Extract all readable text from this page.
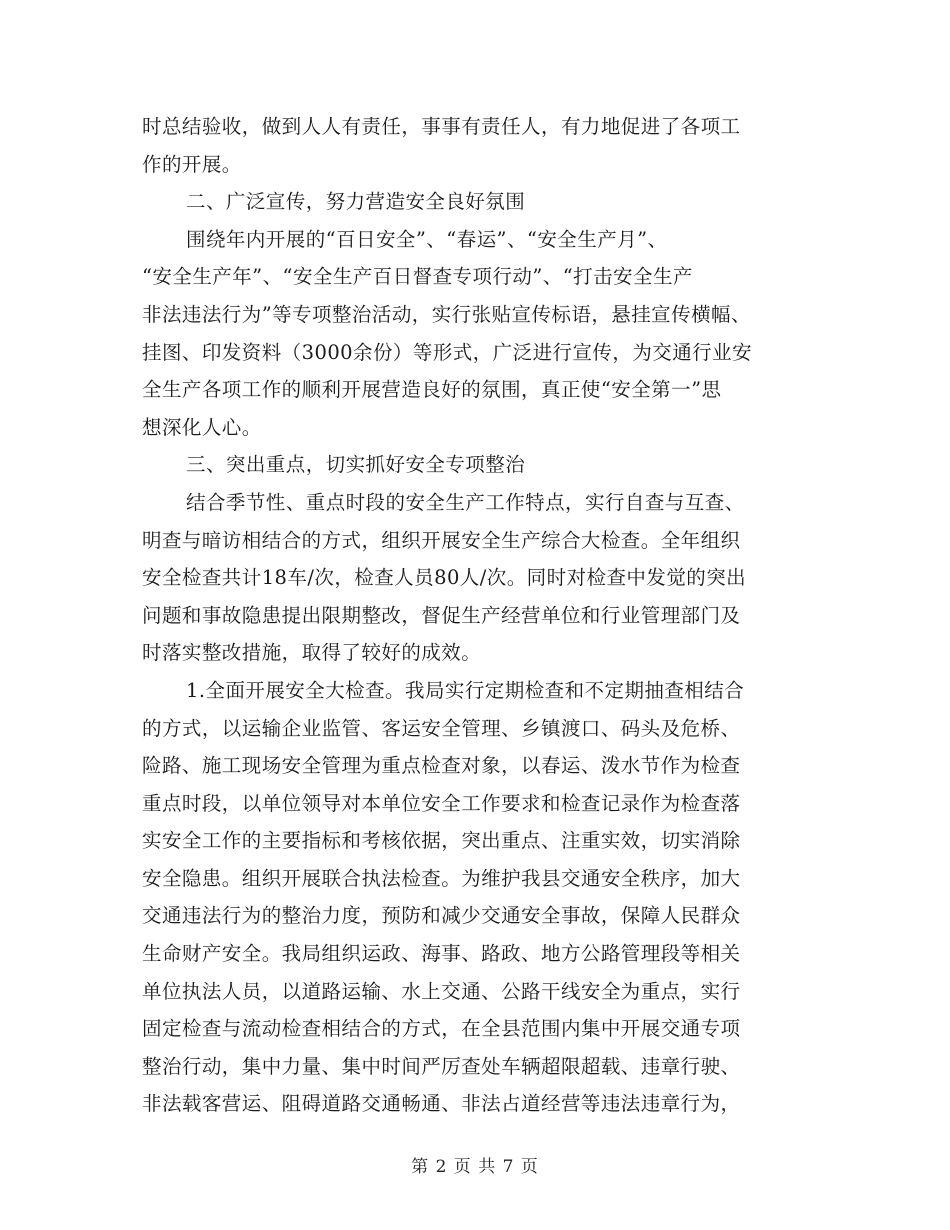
时总结验收，做到人人有责任，事事有责任人，有力地促进了各项工
作的开展。
二、广泛宣传，努力营造安全良好氛围
围绕年内开展的“百日安全”、“春运”、“安全生产月”、
“安全生产年”、“安全生产百日督查专项行动”、“打击安全生产
非法违法行为”等专项整治活动，实行张贴宣传标语，悬挂宣传横幅、
挂图、印发资料（3000余份）等形式，广泛进行宣传，为交通行业安
全生产各项工作的顺利开展营造良好的氛围，真正使“安全第一”思
想深化人心。
三、突出重点，切实抓好安全专项整治
结合季节性、重点时段的安全生产工作特点，实行自查与互查、
明查与暗访相结合的方式，组织开展安全生产综合大检查。全年组织
安全检查共计18车/次，检查人员80人/次。同时对检查中发觉的突出
问题和事故隐患提出限期整改，督促生产经营单位和行业管理部门及
时落实整改措施，取得了较好的成效。
1.全面开展安全大检查。我局实行定期检查和不定期抽查相结合
的方式，以运输企业监管、客运安全管理、乡镇渡口、码头及危桥、
险路、施工现场安全管理为重点检查对象，以春运、泼水节作为检查
重点时段，以单位领导对本单位安全工作要求和检查记录作为检查落
实安全工作的主要指标和考核依据，突出重点、注重实效，切实消除
安全隐患。组织开展联合执法检查。为维护我县交通安全秩序，加大
交通违法行为的整治力度，预防和减少交通安全事故，保障人民群众
生命财产安全。我局组织运政、海事、路政、地方公路管理段等相关
单位执法人员，以道路运输、水上交通、公路干线安全为重点，实行
固定检查与流动检查相结合的方式，在全县范围内集中开展交通专项
整治行动，集中力量、集中时间严厉查处车辆超限超载、违章行驶、
非法载客营运、阻碍道路交通畅通、非法占道经营等违法违章行为，
第 2 页 共 7 页
